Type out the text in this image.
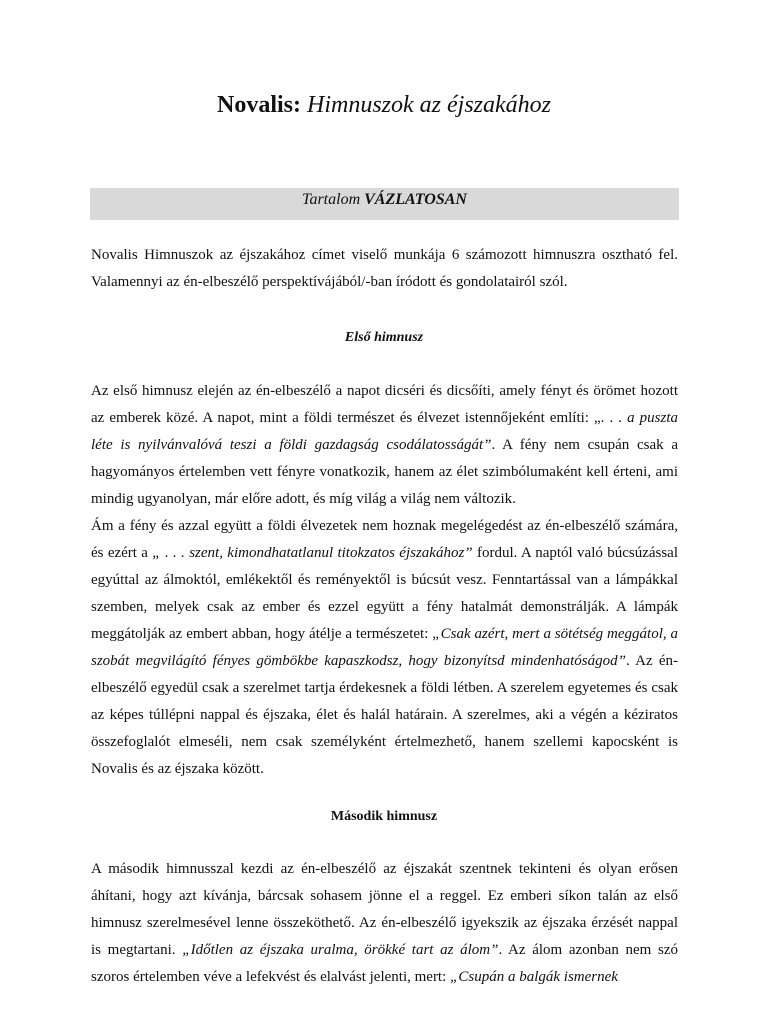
Novalis: Himnuszok az éjszakához
Tartalom VÁZLATOSAN

Novalis Himnuszok az éjszakához címet viselő munkája 6 számozott himnuszra osztható fel. Valamennyi az én-elbeszélő perspektívájából/-ban íródott és gondolatairól szól.

Első himnusz

Az első himnusz elején az én-elbeszélő a napot dicséri és dicsőíti, amely fényt és örömet hozott az emberek közé. A napot, mint a földi természet és élvezet istennőjeként említi: „. . . a puszta léte is nyilvánvalóvá teszi a földi gazdagság csodálatosságát”. A fény nem csupán csak a hagyományos értelemben vett fényre vonatkozik, hanem az élet szimbólumaként kell érteni, ami mindig ugyanolyan, már előre adott, és míg világ a világ nem változik.

Ám a fény és azzal együtt a földi élvezetek nem hoznak megelégedést az én-elbeszélő számára, és ezért a „ . . . szent, kimondhatatlanul titokzatos éjszakához” fordul. A naptól való búcsúzással egyúttal az álmoktól, emlékektől és reményektől is búcsút vesz. Fenntartással van a lámpákkal szemben, melyek csak az ember és ezzel együtt a fény hatalmát demonstrálják. A lámpák meggátolják az embert abban, hogy átélje a természetet: „Csak azért, mert a sötétség meggátol, a szobát megvilágító fényes gömbökbe kapaszkodsz, hogy bizonyítsd mindenhatóságod”. Az én-elbeszélő egyedül csak a szerelmet tartja érdekesnek a földi létben. A szerelem egyetemes és csak az képes túllépni nappal és éjszaka, élet és halál határain. A szerelmes, aki a végén a kéziratos összefoglalót elmeséli, nem csak személyként értelmezhető, hanem szellemi kapocsként is Novalis és az éjszaka között.

Második himnusz

A második himnusszal kezdi az én-elbeszélő az éjszakát szentnek tekinteni és olyan erősen áhítani, hogy azt kívánja, bárcsak sohasem jönne el a reggel. Ez emberi síkon talán az első himnusz szerelmesével lenne összeköthető. Az én-elbeszélő igyekszik az éjszaka érzését nappal is megtartani. „Időtlen az éjszaka uralma, örökké tart az álom”. Az álom azonban nem szó szoros értelemben véve a lefekvést és elalvást jelenti, mert: „Csupán a balgák ismernek
